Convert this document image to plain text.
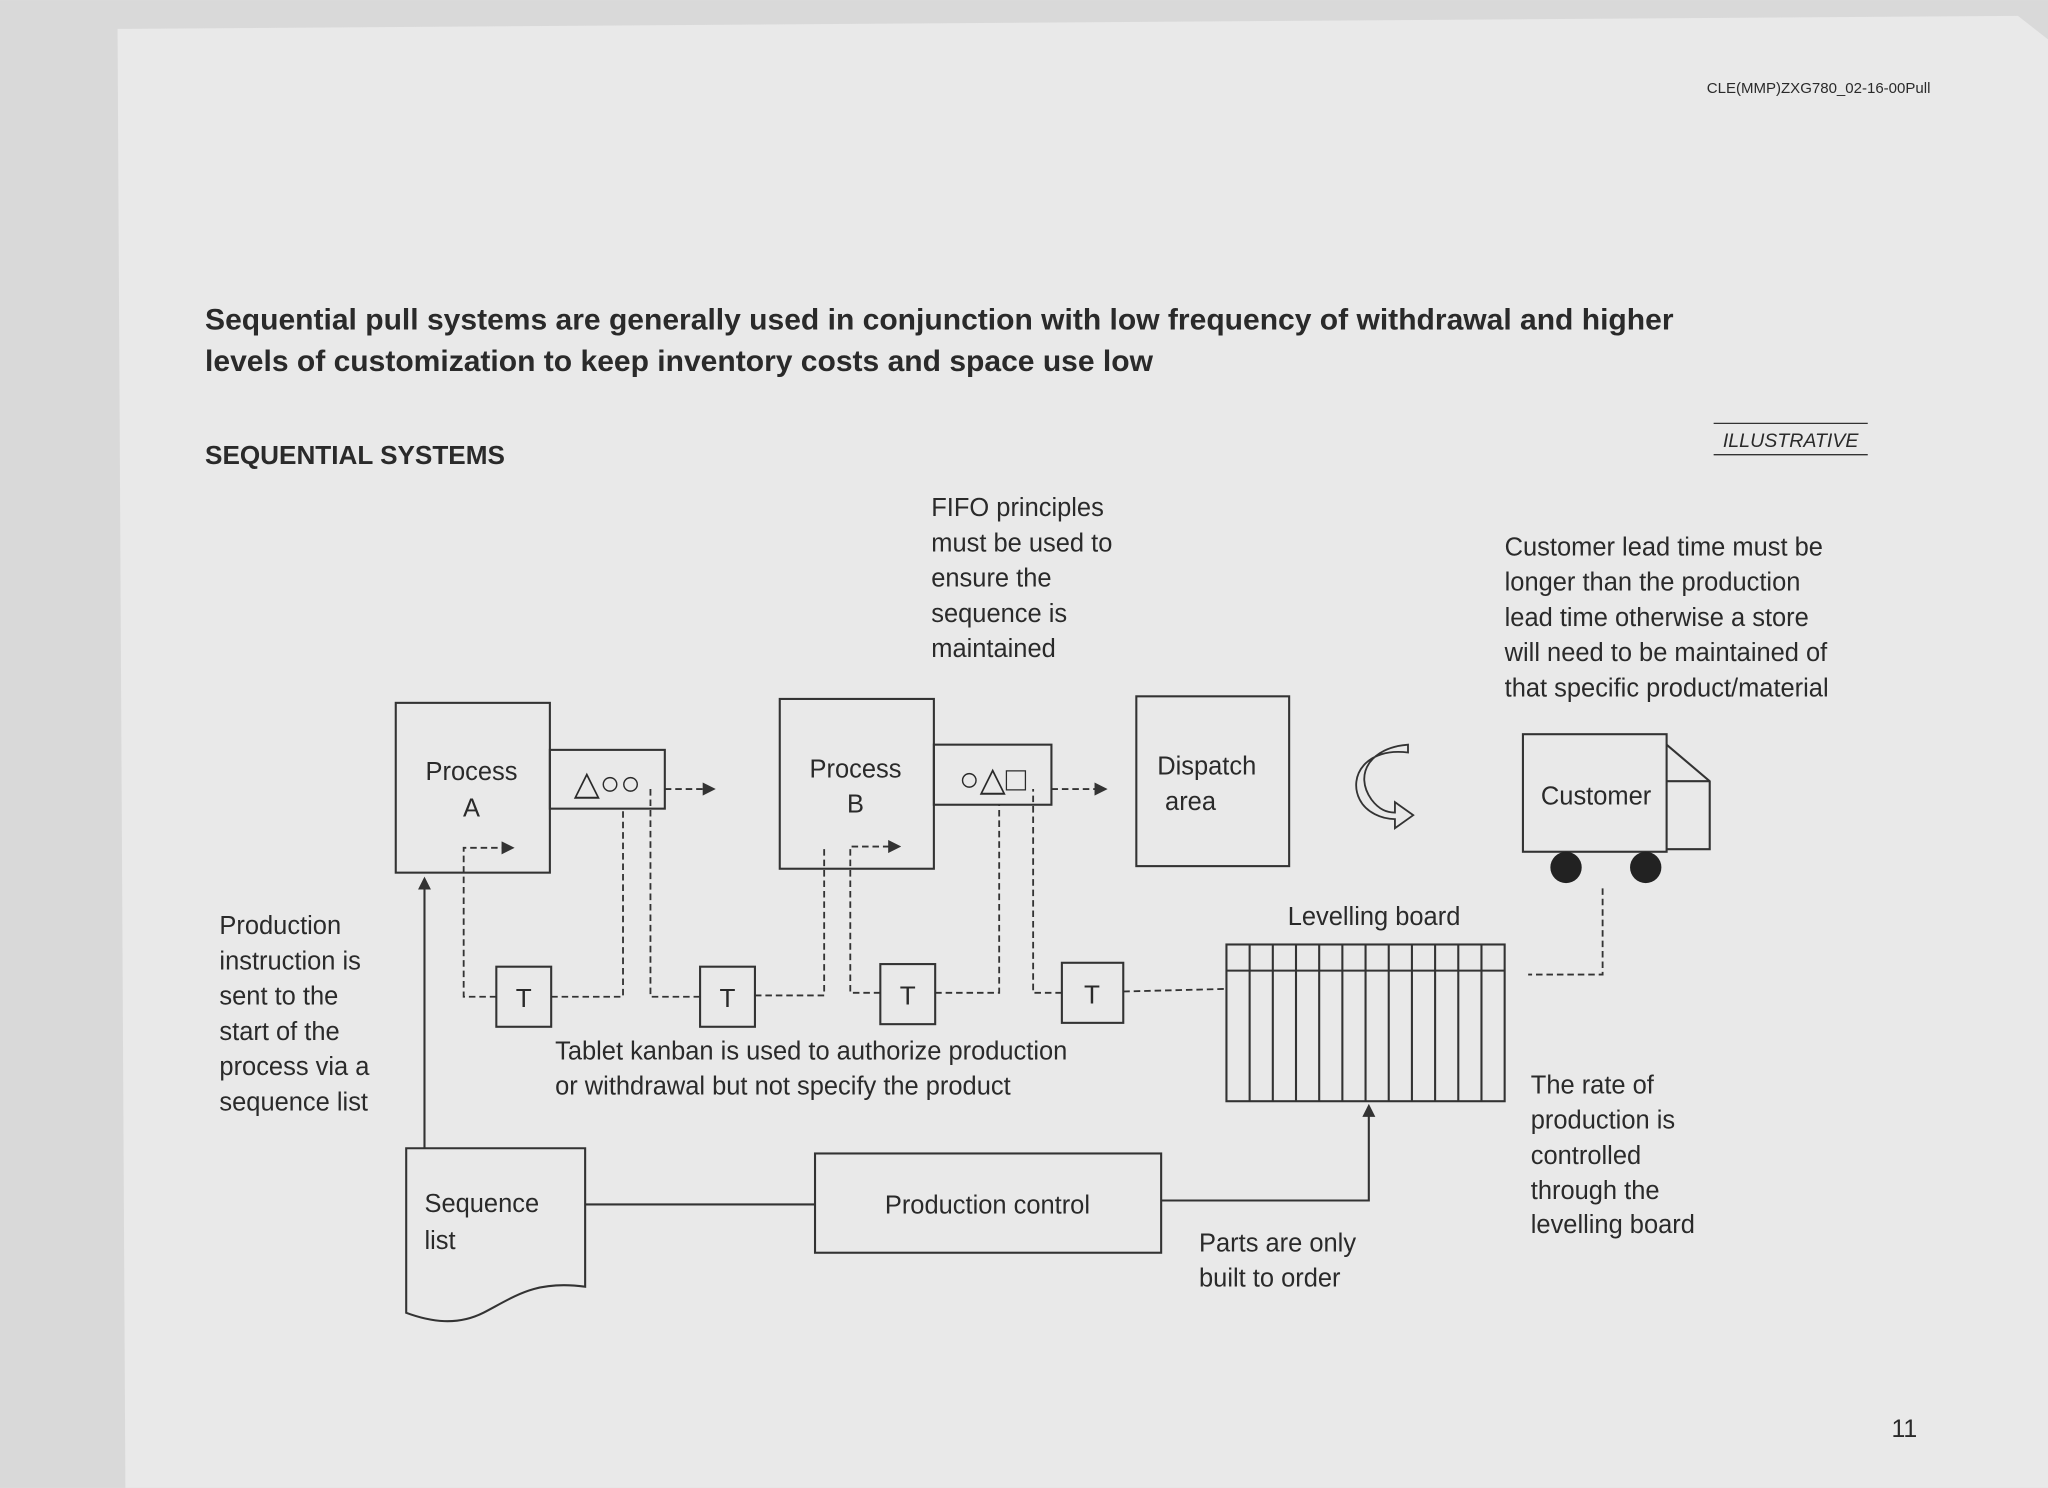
CLE(MMP)ZXG780_02-16-00Pull
Sequential pull systems are generally used in conjunction with low frequency of withdrawal and higher
levels of customization to keep inventory costs and space use low
SEQUENTIAL SYSTEMS	ILLUSTRATIVE
FIFO principles
must be used to
ensure the
sequence is
maintained
Customer lead time must be
longer than the production
lead time otherwise a store
will need to be maintained of
that specific product/material
Production
instruction is
sent to the
start of the
process via a
sequence list
Tablet kanban is used to authorize production
or withdrawal but not specify the product
Parts are only
built to order
The rate of
production is
controlled
through the
levelling board
Process
A
△○○	Process
B
○△□	Dispatch
area	Customer
Levelling board
T	T	T	T
Sequence
list
Production control
11
